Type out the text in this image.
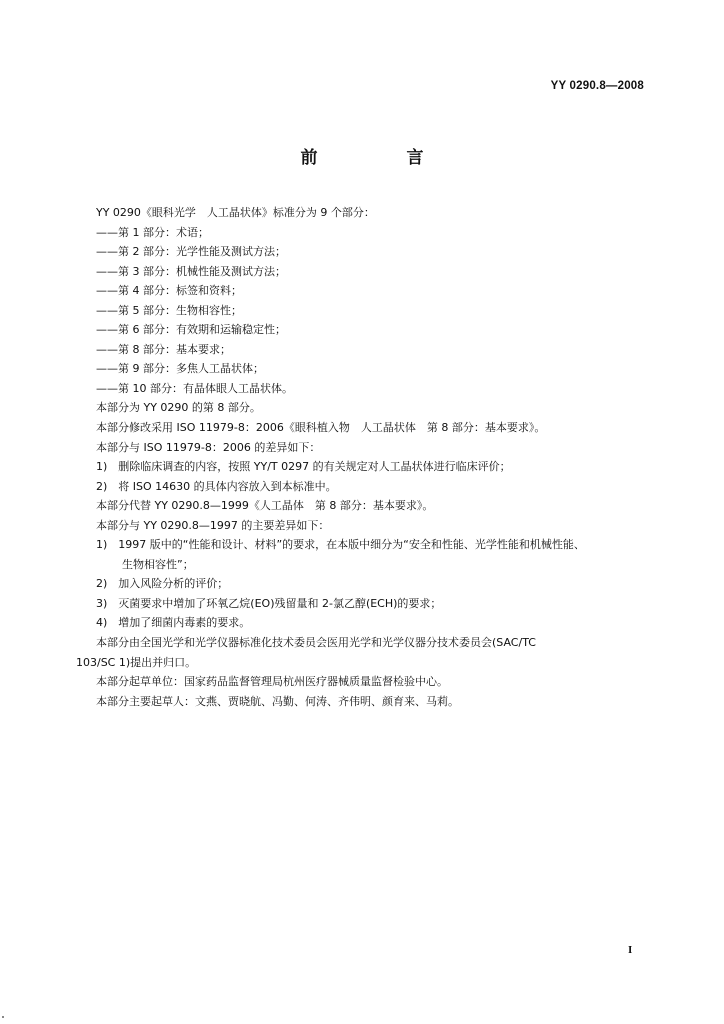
YY 0290.8—2008
前　言
YY 0290《眼科光学　人工晶状体》标准分为 9 个部分：
——第 1 部分：术语；
——第 2 部分：光学性能及测试方法；
——第 3 部分：机械性能及测试方法；
——第 4 部分：标签和资料；
——第 5 部分：生物相容性；
——第 6 部分：有效期和运输稳定性；
——第 8 部分：基本要求；
——第 9 部分：多焦人工晶状体；
——第 10 部分：有晶体眼人工晶状体。
本部分为 YY 0290 的第 8 部分。
本部分修改采用 ISO 11979-8：2006《眼科植入物　人工晶状体　第 8 部分：基本要求》。
本部分与 ISO 11979-8：2006 的差异如下：
1)　删除临床调查的内容，按照 YY/T 0297 的有关规定对人工晶状体进行临床评价；
2)　将 ISO 14630 的具体内容放入到本标准中。
本部分代替 YY 0290.8—1999《人工晶体　第 8 部分：基本要求》。
本部分与 YY 0290.8—1997 的主要差异如下：
1)　1997 版中的“性能和设计、材料”的要求，在本版中细分为“安全和性能、光学性能和机械性能、
生物相容性”；
2)　加入风险分析的评价；
3)　灭菌要求中增加了环氧乙烷(EO)残留量和 2-氯乙醇(ECH)的要求；
4)　增加了细菌内毒素的要求。
本部分由全国光学和光学仪器标准化技术委员会医用光学和光学仪器分技术委员会(SAC/TC
103/SC 1)提出并归口。
本部分起草单位：国家药品监督管理局杭州医疗器械质量监督检验中心。
本部分主要起草人：文燕、贾晓航、冯勤、何涛、齐伟明、颜育来、马莉。
I
